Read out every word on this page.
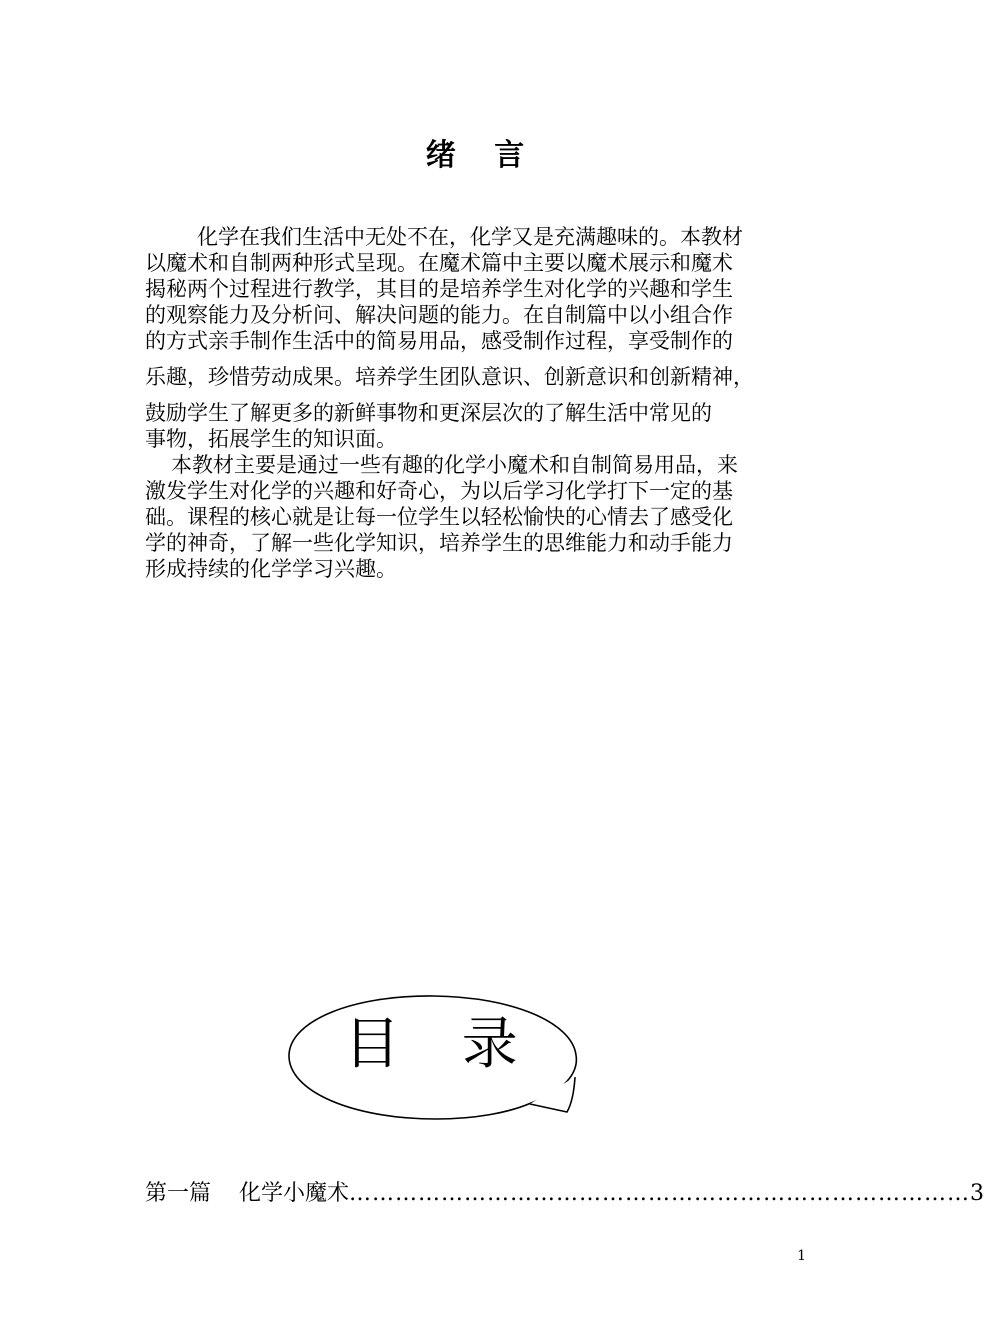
绪 言
化学在我们生活中无处不在，化学又是充满趣味的。本教材
以魔术和自制两种形式呈现。在魔术篇中主要以魔术展示和魔术
揭秘两个过程进行教学，其目的是培养学生对化学的兴趣和学生
的观察能力及分析问、解决问题的能力。在自制篇中以小组合作
的方式亲手制作生活中的简易用品，感受制作过程，享受制作的
乐趣，珍惜劳动成果。培养学生团队意识、创新意识和创新精神，
鼓励学生了解更多的新鲜事物和更深层次的了解生活中常见的
事物，拓展学生的知识面。
本教材主要是通过一些有趣的化学小魔术和自制简易用品，来
激发学生对化学的兴趣和好奇心，为以后学习化学打下一定的基
础。课程的核心就是让每一位学生以轻松愉快的心情去了感受化
学的神奇，了解一些化学知识，培养学生的思维能力和动手能力
形成持续的化学学习兴趣。
目 录
第一篇 化学小魔术 ……………………………………………………………………… 3
1
